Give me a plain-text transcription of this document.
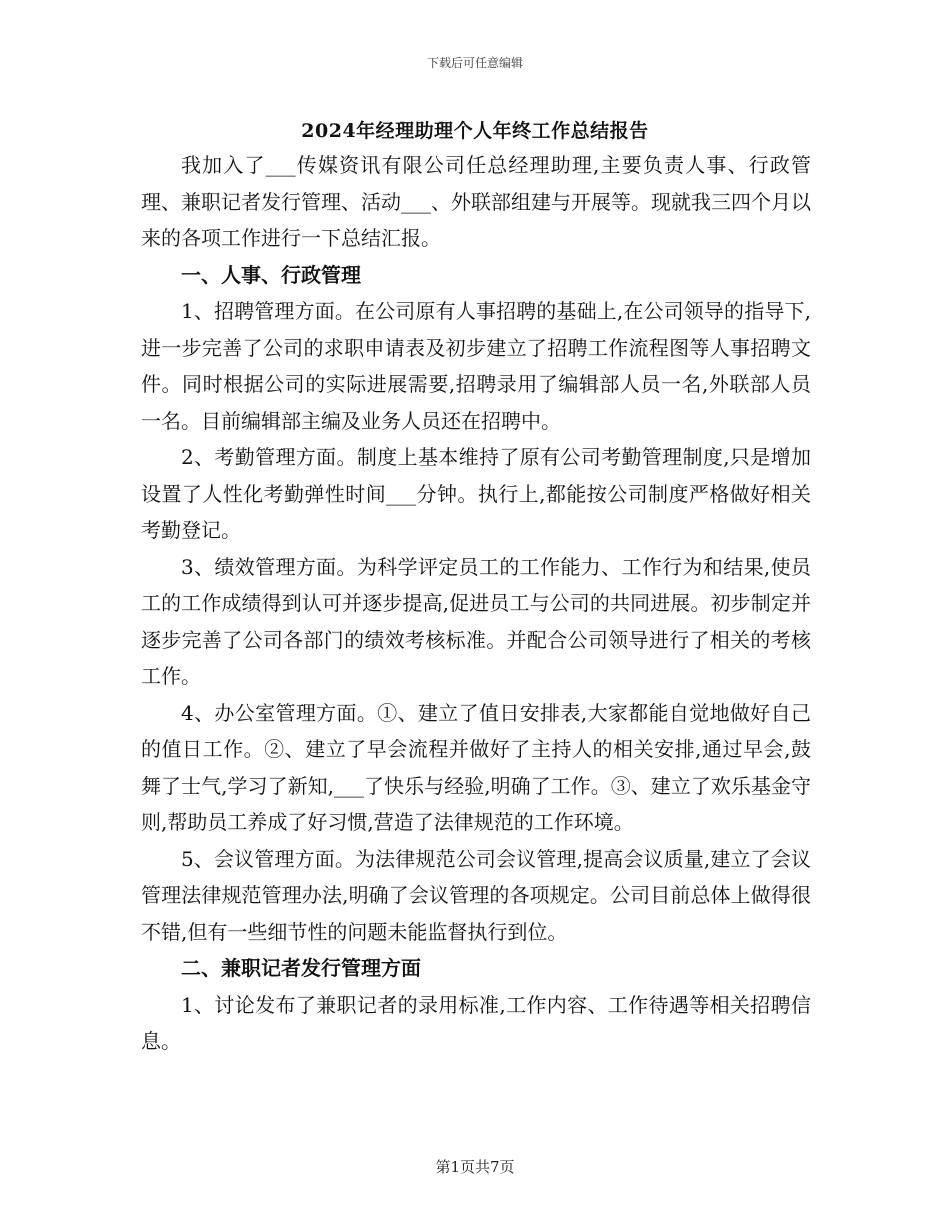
下载后可任意编辑
2024年经理助理个人年终工作总结报告

我加入了___传媒资讯有限公司任总经理助理,主要负责人事、行政管理、兼职记者发行管理、活动___、外联部组建与开展等。现就我三四个月以来的各项工作进行一下总结汇报。

一、人事、行政管理

1、招聘管理方面。在公司原有人事招聘的基础上,在公司领导的指导下,进一步完善了公司的求职申请表及初步建立了招聘工作流程图等人事招聘文件。同时根据公司的实际进展需要,招聘录用了编辑部人员一名,外联部人员一名。目前编辑部主编及业务人员还在招聘中。

2、考勤管理方面。制度上基本维持了原有公司考勤管理制度,只是增加设置了人性化考勤弹性时间___分钟。执行上,都能按公司制度严格做好相关考勤登记。

3、绩效管理方面。为科学评定员工的工作能力、工作行为和结果,使员工的工作成绩得到认可并逐步提高,促进员工与公司的共同进展。初步制定并逐步完善了公司各部门的绩效考核标准。并配合公司领导进行了相关的考核工作。

4、办公室管理方面。①、建立了值日安排表,大家都能自觉地做好自己的值日工作。②、建立了早会流程并做好了主持人的相关安排,通过早会,鼓舞了士气,学习了新知,___了快乐与经验,明确了工作。③、建立了欢乐基金守则,帮助员工养成了好习惯,营造了法律规范的工作环境。

5、会议管理方面。为法律规范公司会议管理,提高会议质量,建立了会议管理法律规范管理办法,明确了会议管理的各项规定。公司目前总体上做得很不错,但有一些细节性的问题未能监督执行到位。

二、兼职记者发行管理方面

1、讨论发布了兼职记者的录用标准,工作内容、工作待遇等相关招聘信息。

第1页共7页
